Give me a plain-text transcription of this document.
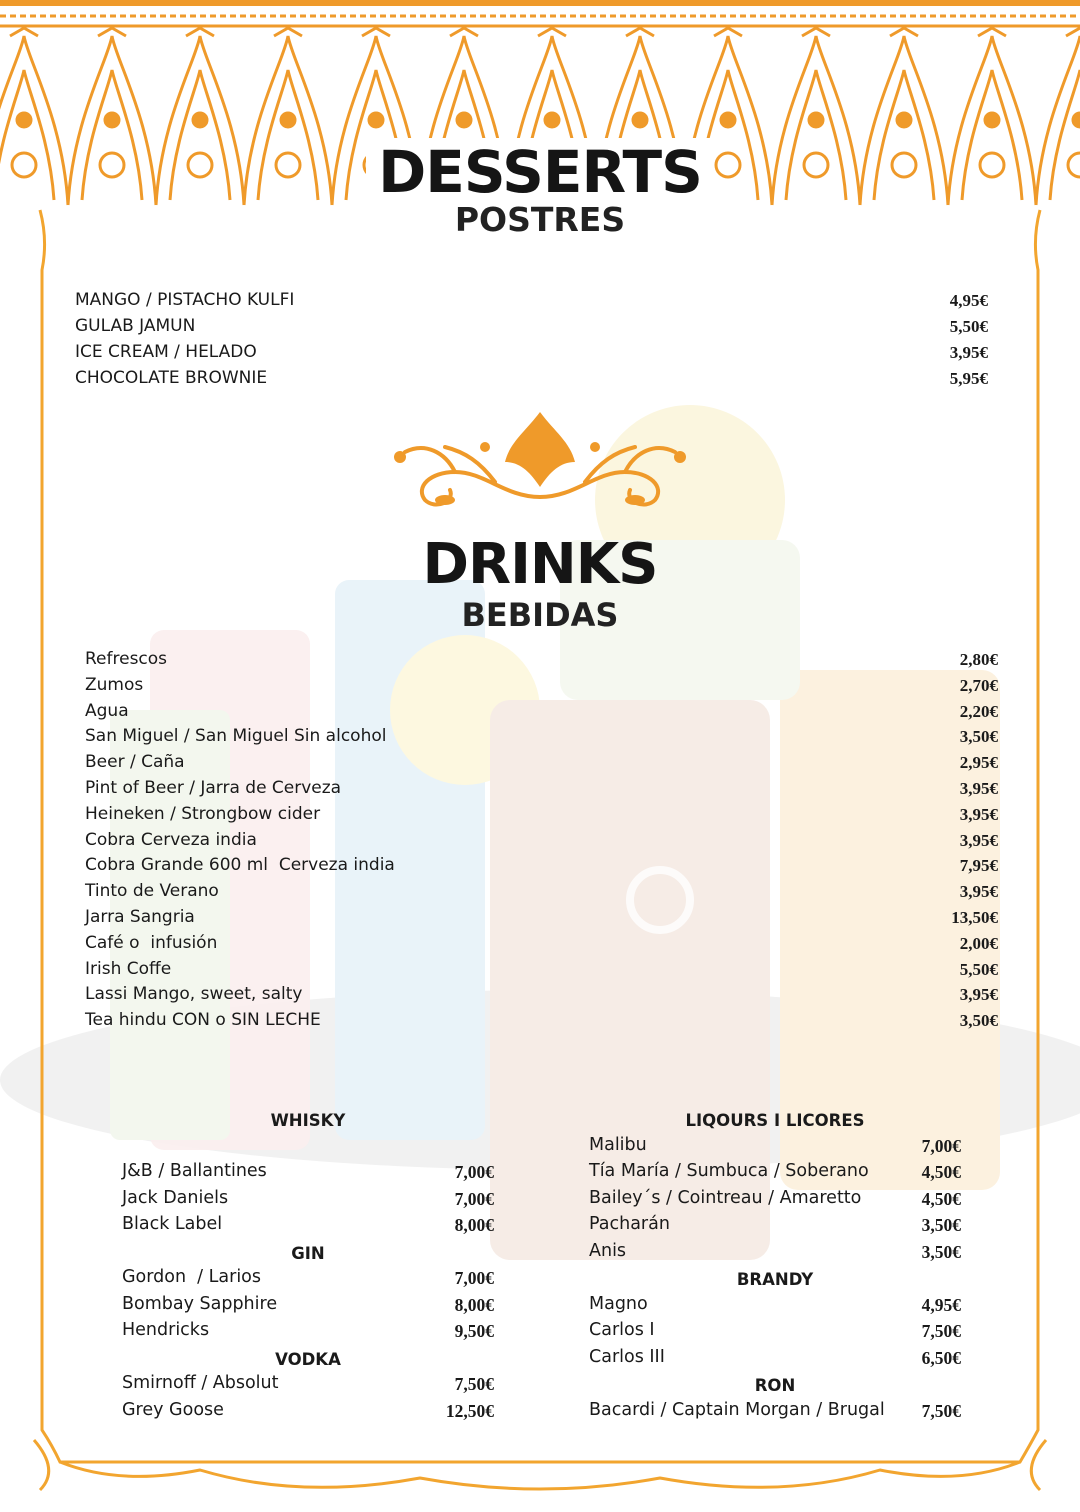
DESSERTS
POSTRES
MANGO / PISTACHO KULFI	4,95€
GULAB JAMUN	5,50€
ICE CREAM / HELADO	3,95€
CHOCOLATE BROWNIE	5,95€
DRINKS
BEBIDAS
Refrescos	2,80€
Zumos	2,70€
Agua	2,20€
San Miguel / San Miguel Sin alcohol	3,50€
Beer / Caña	2,95€
Pint of Beer / Jarra de Cerveza	3,95€
Heineken / Strongbow cider	3,95€
Cobra Cerveza india	3,95€
Cobra Grande 600 ml  Cerveza india	7,95€
Tinto de Verano	3,95€
Jarra Sangria	13,50€
Café o  infusión	2,00€
Irish Coffe	5,50€
Lassi Mango, sweet, salty	3,95€
Tea hindu CON o SIN LECHE	3,50€
WHISKY
J&B / Ballantines	7,00€
Jack Daniels	7,00€
Black Label	8,00€
GIN
Gordon  / Larios	7,00€
Bombay Sapphire	8,00€
Hendricks	9,50€
VODKA
Smirnoff / Absolut	7,50€
Grey Goose	12,50€
LIQOURS I LICORES
Malibu	7,00€
Tía María / Sumbuca / Soberano	4,50€
Bailey´s / Cointreau / Amaretto	4,50€
Pacharán	3,50€
Anis	3,50€
BRANDY
Magno	4,95€
Carlos I	7,50€
Carlos III	6,50€
RON
Bacardi / Captain Morgan / Brugal 7,50€
